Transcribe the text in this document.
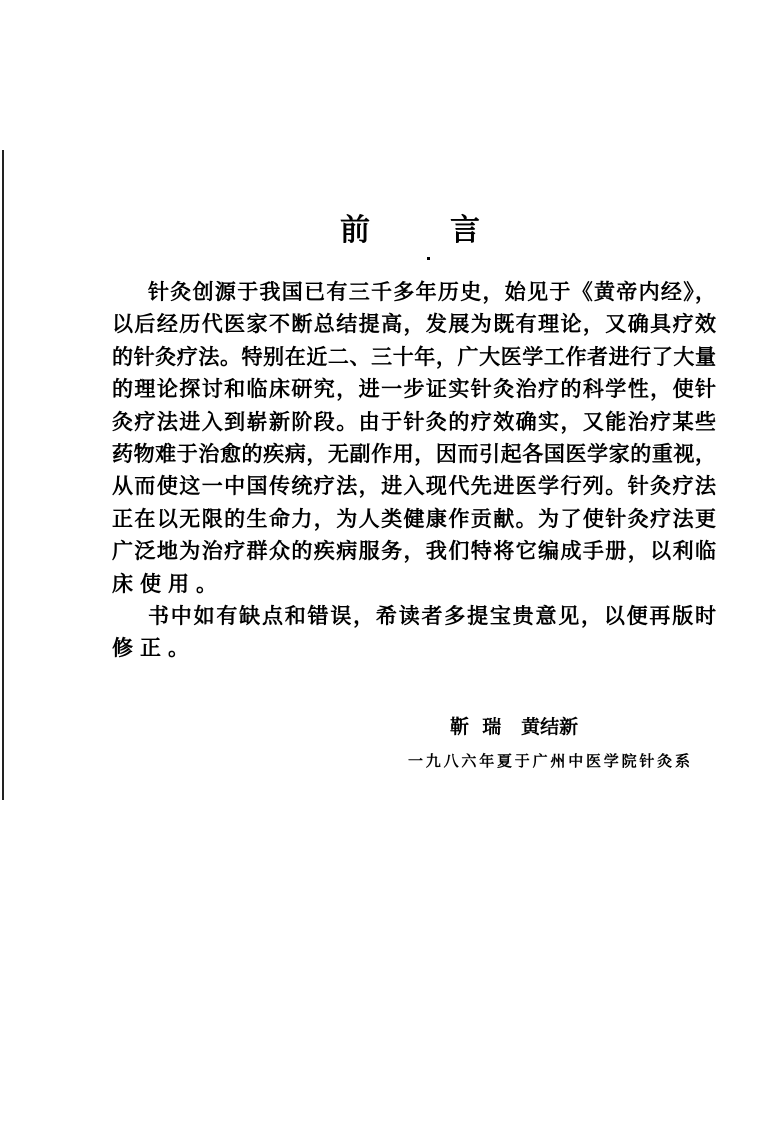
前	言
针灸创源于我国已有三千多年历史，始见于《黄帝内经》，
以后经历代医家不断总结提高，发展为既有理论，又确具疗效
的针灸疗法。特别在近二、三十年，广大医学工作者进行了大量
的理论探讨和临床研究，进一步证实针灸治疗的科学性，使针
灸疗法进入到崭新阶段。由于针灸的疗效确实，又能治疗某些
药物难于治愈的疾病，无副作用，因而引起各国医学家的重视，
从而使这一中国传统疗法，进入现代先进医学行列。针灸疗法
正在以无限的生命力，为人类健康作贡献。为了使针灸疗法更
广泛地为治疗群众的疾病服务，我们特将它编成手册，以利临
床使用。
书中如有缺点和错误，希读者多提宝贵意见，以便再版时
修正。
靳  瑞   黄结新
一九八六年夏于广州中医学院针灸系
